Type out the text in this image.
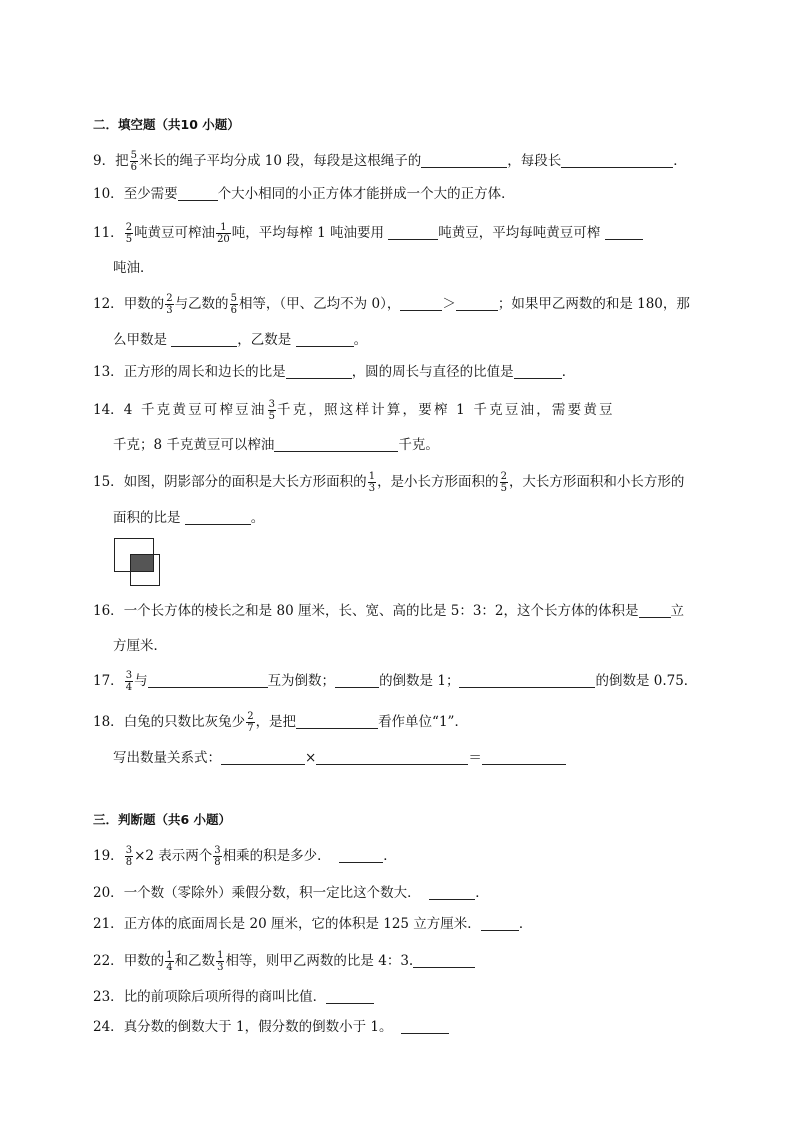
二．填空题（共10 小题）
9．把 $\frac{5}{6}$ 米长的绳子平均分成 10 段，每段是这根绳子的	，每段长	．
10．至少需要	个大小相同的小正方体才能拼成一个大的正方体．
11． $\frac{2}{5}$ 吨黄豆可榨油 $\frac{1}{20}$ 吨，平均每榨 1 吨油要用	吨黄豆，平均每吨黄豆可榨
吨油．
12．甲数的 $\frac{2}{3}$ 与乙数的 $\frac{5}{6}$ 相等，（甲、乙均不为 0），	＞	；如果甲乙两数的和是 180，那
么甲数是	，乙数是	。
13．正方形的周长和边长的比是	，圆的周长与直径的比值是	．
14．4 千克黄豆可榨豆油 $\frac{3}{5}$ 千克，照这样计算，要榨 1 千克豆油，需要黄豆
千克；8 千克黄豆可以榨油	千克。
15．如图，阴影部分的面积是大长方形面积的 $\frac{1}{3}$ ，是小长方形面积的 $\frac{2}{5}$ ，大长方形面积和小长方形的
面积的比是	。
16．一个长方体的棱长之和是 80 厘米，长、宽、高的比是 5：3：2，这个长方体的体积是 立
方厘米．
17． $\frac{3}{4}$ 与	互为倒数；	的倒数是 1；	的倒数是 0.75．
18．白兔的只数比灰兔少 $\frac{2}{7}$ ，是把	看作单位“1”．
写出数量关系式：	×	＝
三．判断题（共6 小题）
19． $\frac{3}{8} \times 2$ 表示两个 $\frac{3}{8}$ 相乘的积是多少．	．
20．一个数（零除外）乘假分数，积一定比这个数大．	．
21．正方体的底面周长是 20 厘米，它的体积是 125 立方厘米．	．
22．甲数的 $\frac{1}{4}$ 和乙数 $\frac{1}{3}$ 相等，则甲乙两数的比是 4：3.
23．比的前项除后项所得的商叫比值．
24．真分数的倒数大于 1，假分数的倒数小于 1。
